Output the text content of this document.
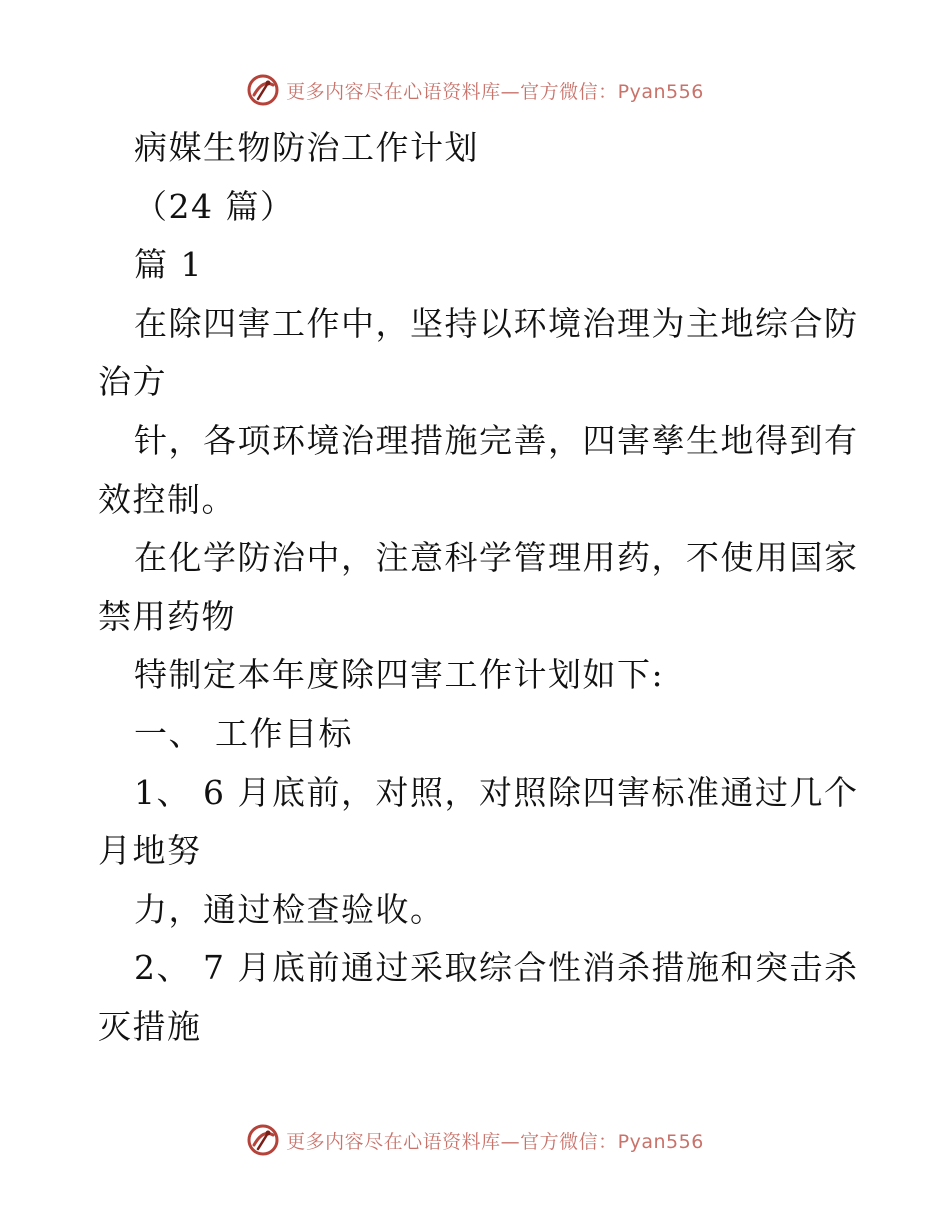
更多内容尽在心语资料库—官方微信：Pyan556
病媒生物防治工作计划
（24 篇）
篇 1
在除四害工作中，坚持以环境治理为主地综合防
治方
针，各项环境治理措施完善，四害孳生地得到有
效控制。
在化学防治中，注意科学管理用药，不使用国家
禁用药物
特制定本年度除四害工作计划如下:
一、 工作目标
1、 6 月底前，对照，对照除四害标准通过几个
月地努
力，通过检查验收。
2、 7 月底前通过采取综合性消杀措施和突击杀
灭措施
更多内容尽在心语资料库—官方微信：Pyan556
